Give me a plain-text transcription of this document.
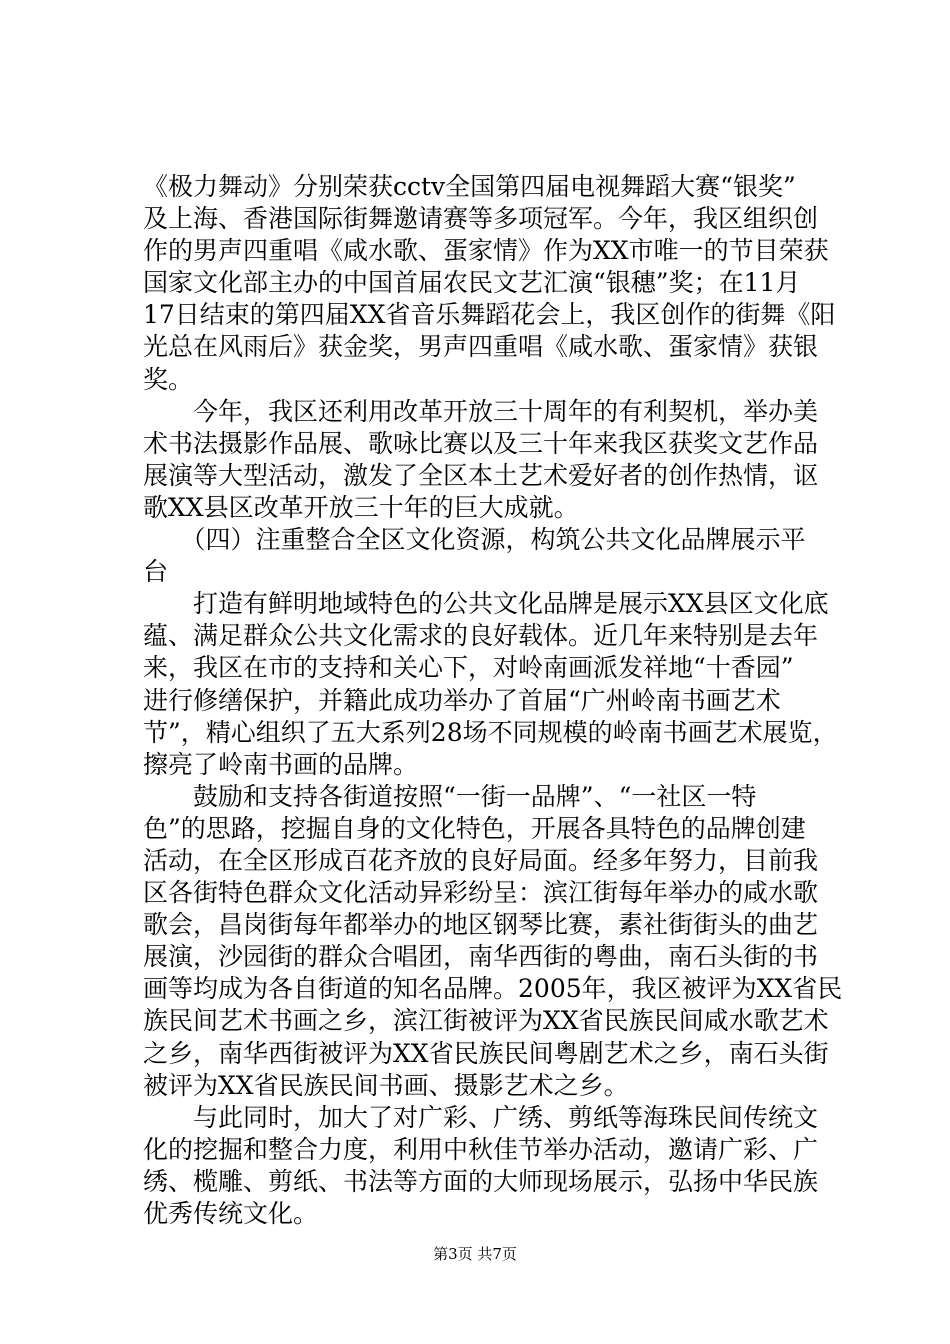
《极力舞动》分别荣获cctv全国第四届电视舞蹈大赛“银奖”
及上海、香港国际街舞邀请赛等多项冠军。今年，我区组织创
作的男声四重唱《咸水歌、蛋家情》作为XX市唯一的节目荣获
国家文化部主办的中国首届农民文艺汇演“银穗”奖；在11月
17日结束的第四届XX省音乐舞蹈花会上，我区创作的街舞《阳
光总在风雨后》获金奖，男声四重唱《咸水歌、蛋家情》获银
奖。
　　今年，我区还利用改革开放三十周年的有利契机，举办美
术书法摄影作品展、歌咏比赛以及三十年来我区获奖文艺作品
展演等大型活动，激发了全区本土艺术爱好者的创作热情，讴
歌XX县区改革开放三十年的巨大成就。
　　（四）注重整合全区文化资源，构筑公共文化品牌展示平
台
　　打造有鲜明地域特色的公共文化品牌是展示XX县区文化底
蕴、满足群众公共文化需求的良好载体。近几年来特别是去年
来，我区在市的支持和关心下，对岭南画派发祥地“十香园”
进行修缮保护，并籍此成功举办了首届“广州岭南书画艺术
节”，精心组织了五大系列28场不同规模的岭南书画艺术展览，
擦亮了岭南书画的品牌。
　　鼓励和支持各街道按照“一街一品牌”、“一社区一特
色”的思路，挖掘自身的文化特色，开展各具特色的品牌创建
活动，在全区形成百花齐放的良好局面。经多年努力，目前我
区各街特色群众文化活动异彩纷呈：滨江街每年举办的咸水歌
歌会，昌岗街每年都举办的地区钢琴比赛，素社街街头的曲艺
展演，沙园街的群众合唱团，南华西街的粤曲，南石头街的书
画等均成为各自街道的知名品牌。2005年，我区被评为XX省民
族民间艺术书画之乡，滨江街被评为XX省民族民间咸水歌艺术
之乡，南华西街被评为XX省民族民间粤剧艺术之乡，南石头街
被评为XX省民族民间书画、摄影艺术之乡。
　　与此同时，加大了对广彩、广绣、剪纸等海珠民间传统文
化的挖掘和整合力度，利用中秋佳节举办活动，邀请广彩、广
绣、榄雕、剪纸、书法等方面的大师现场展示，弘扬中华民族
优秀传统文化。
第3页 共7页
